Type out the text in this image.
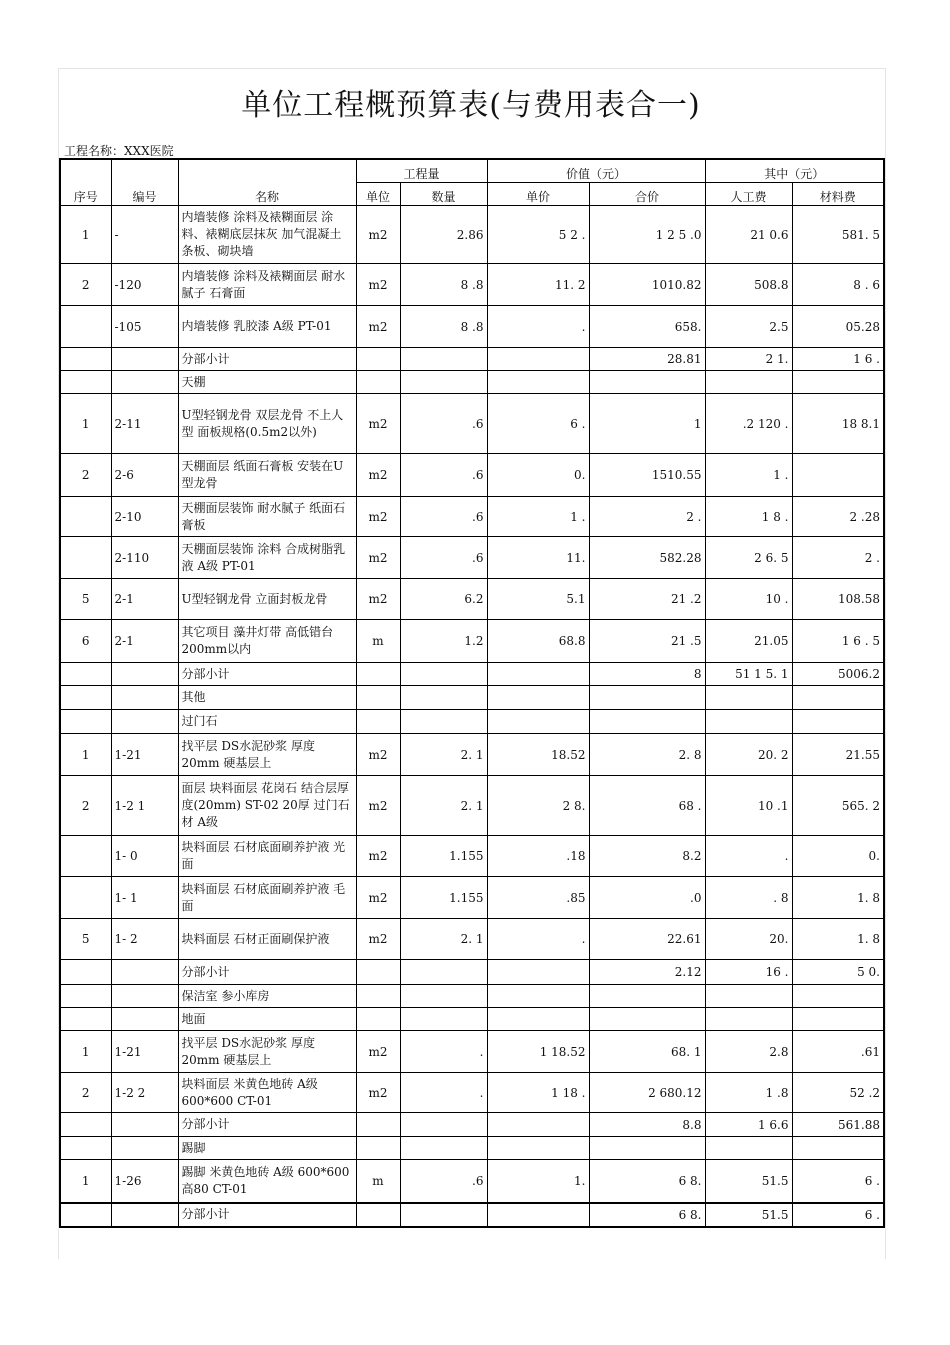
单位工程概预算表(与费用表合一)
工程名称：XXX医院
序号	编号	名称	工程量		价值（元）		其中（元）	
			单位	数量	单价	合价	人工费	材料费
1	-	内墙装修 涂料及裱糊面层 涂料、裱糊底层抹灰 加气混凝土条板、砌块墙	m2	2.86	5 2 .	1 2 5 .0	21 0.6	581. 5
2	-120	内墙装修 涂料及裱糊面层 耐水腻子 石膏面	m2	8 .8	11. 2	1010.82	508.8	8 . 6
	-105	内墙装修 乳胶漆 A级 PT-01	m2	8 .8	.	658.	2.5	05.28
		分部小计				28.81	2 1.	1 6 .
		天棚						
1	2-11	U型轻钢龙骨 双层龙骨 不上人型 面板规格(0.5m2以外)	m2	.6	6 .	1	.2 120 .	18 8.1
2	2-6	天棚面层 纸面石膏板 安装在U型龙骨	m2	.6	0.	1510.55	1 .	
	2-10	天棚面层装饰 耐水腻子 纸面石膏板	m2	.6	1 .	2 .	1 8 .	2 .28
	2-110	天棚面层装饰 涂料 合成树脂乳液 A级 PT-01	m2	.6	11.	582.28	2 6. 5	2 .
5	2-1	U型轻钢龙骨 立面封板龙骨	m2	6.2	5.1	21 .2	10 .	108.58
6	2-1	其它项目 藻井灯带 高低错台 200mm以内	m	1.2	68.8	21 .5	21.05	1 6 . 5
		分部小计				8	51 1 5. 1	5006.2
		其他						
		过门石						
1	1-21	找平层 DS水泥砂浆 厚度20mm 硬基层上	m2	2. 1	18.52	2. 8	20. 2	21.55
2	1-2 1	面层 块料面层 花岗石 结合层厚度(20mm) ST-02 20厚 过门石材 A级	m2	2. 1	2 8.	68 .	10 .1	565. 2
	1- 0	块料面层 石材底面刷养护液 光面	m2	1.155	.18	8.2	.	0.
	1- 1	块料面层 石材底面刷养护液 毛面	m2	1.155	.85	.0	. 8	1. 8
5	1- 2	块料面层 石材正面刷保护液	m2	2. 1	.	22.61	20.	1. 8
		分部小计				2.12	16 .	5 0.
		保洁室 参小库房						
		地面						
1	1-21	找平层 DS水泥砂浆 厚度20mm 硬基层上	m2	.	1 18.52	68. 1	2.8	.61
2	1-2 2	块料面层 米黄色地砖 A级 600*600 CT-01	m2	.	1 18 .	2 680.12	1 .8	52 .2
		分部小计				8.8	1 6.6	561.88
		踢脚						
1	1-26	踢脚 米黄色地砖 A级 600*600 高80 CT-01	m	.6	1.	6 8.	51.5	6 .
		分部小计				6 8.	51.5	6 .
